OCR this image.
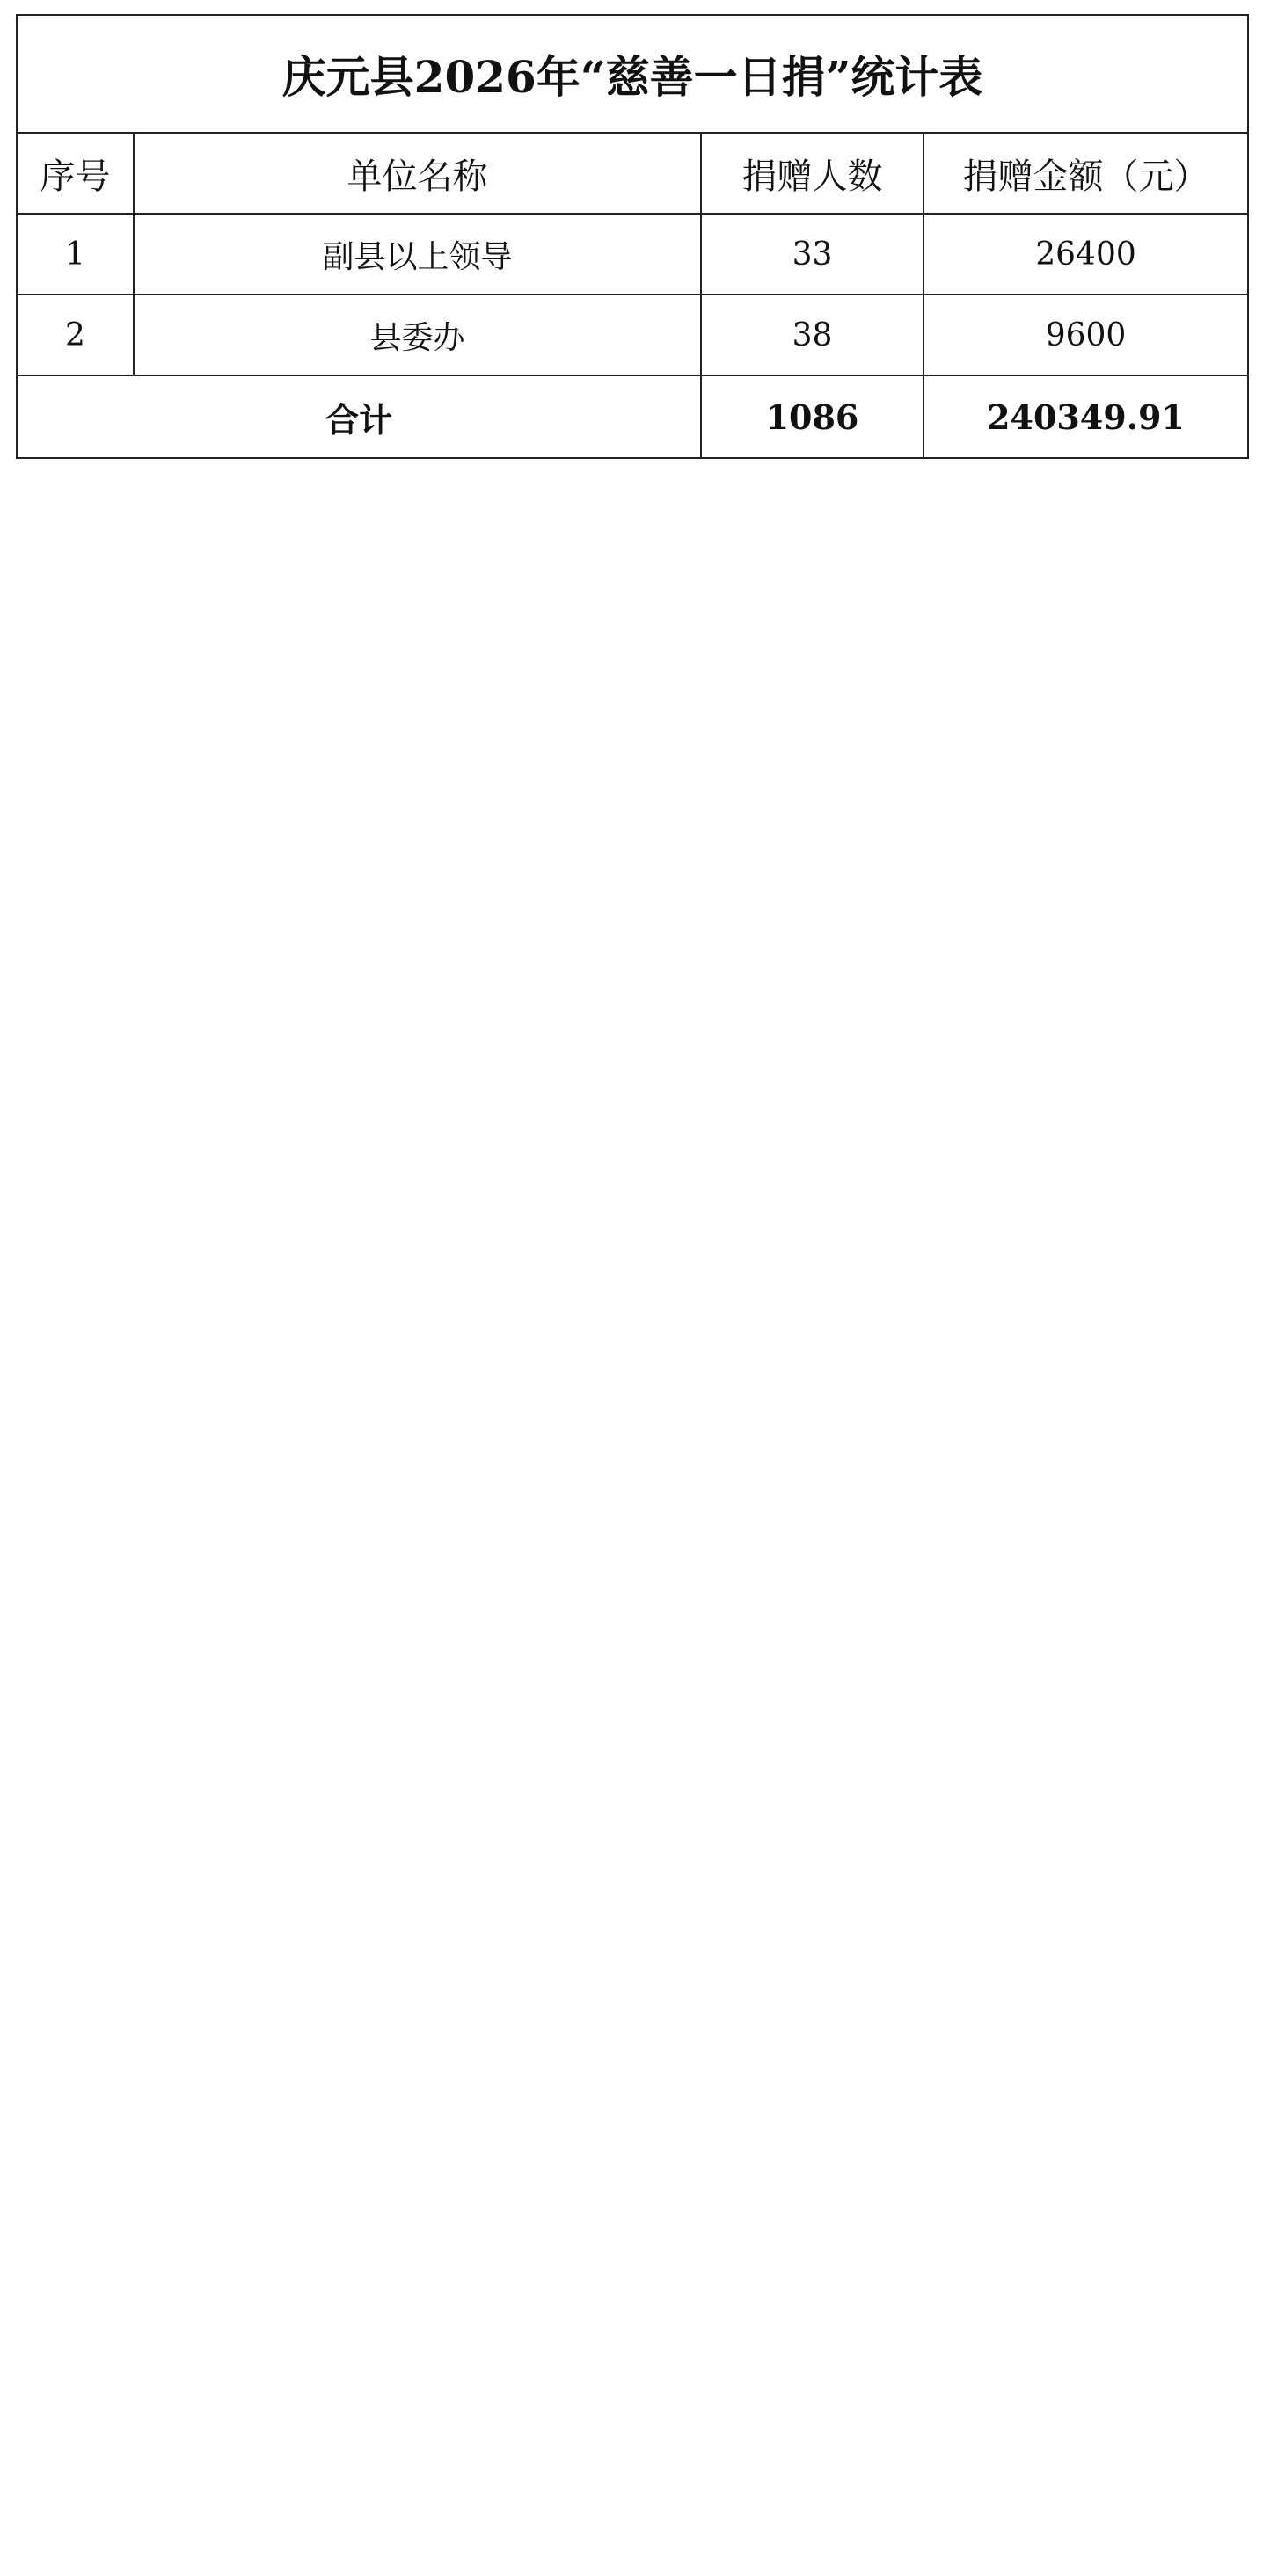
庆元县2026年“慈善一日捐”统计表			
序号	单位名称	捐赠人数	捐赠金额（元）
1	副县以上领导	33	26400
2	县委办	38	9600
合计		1086	240349.91
